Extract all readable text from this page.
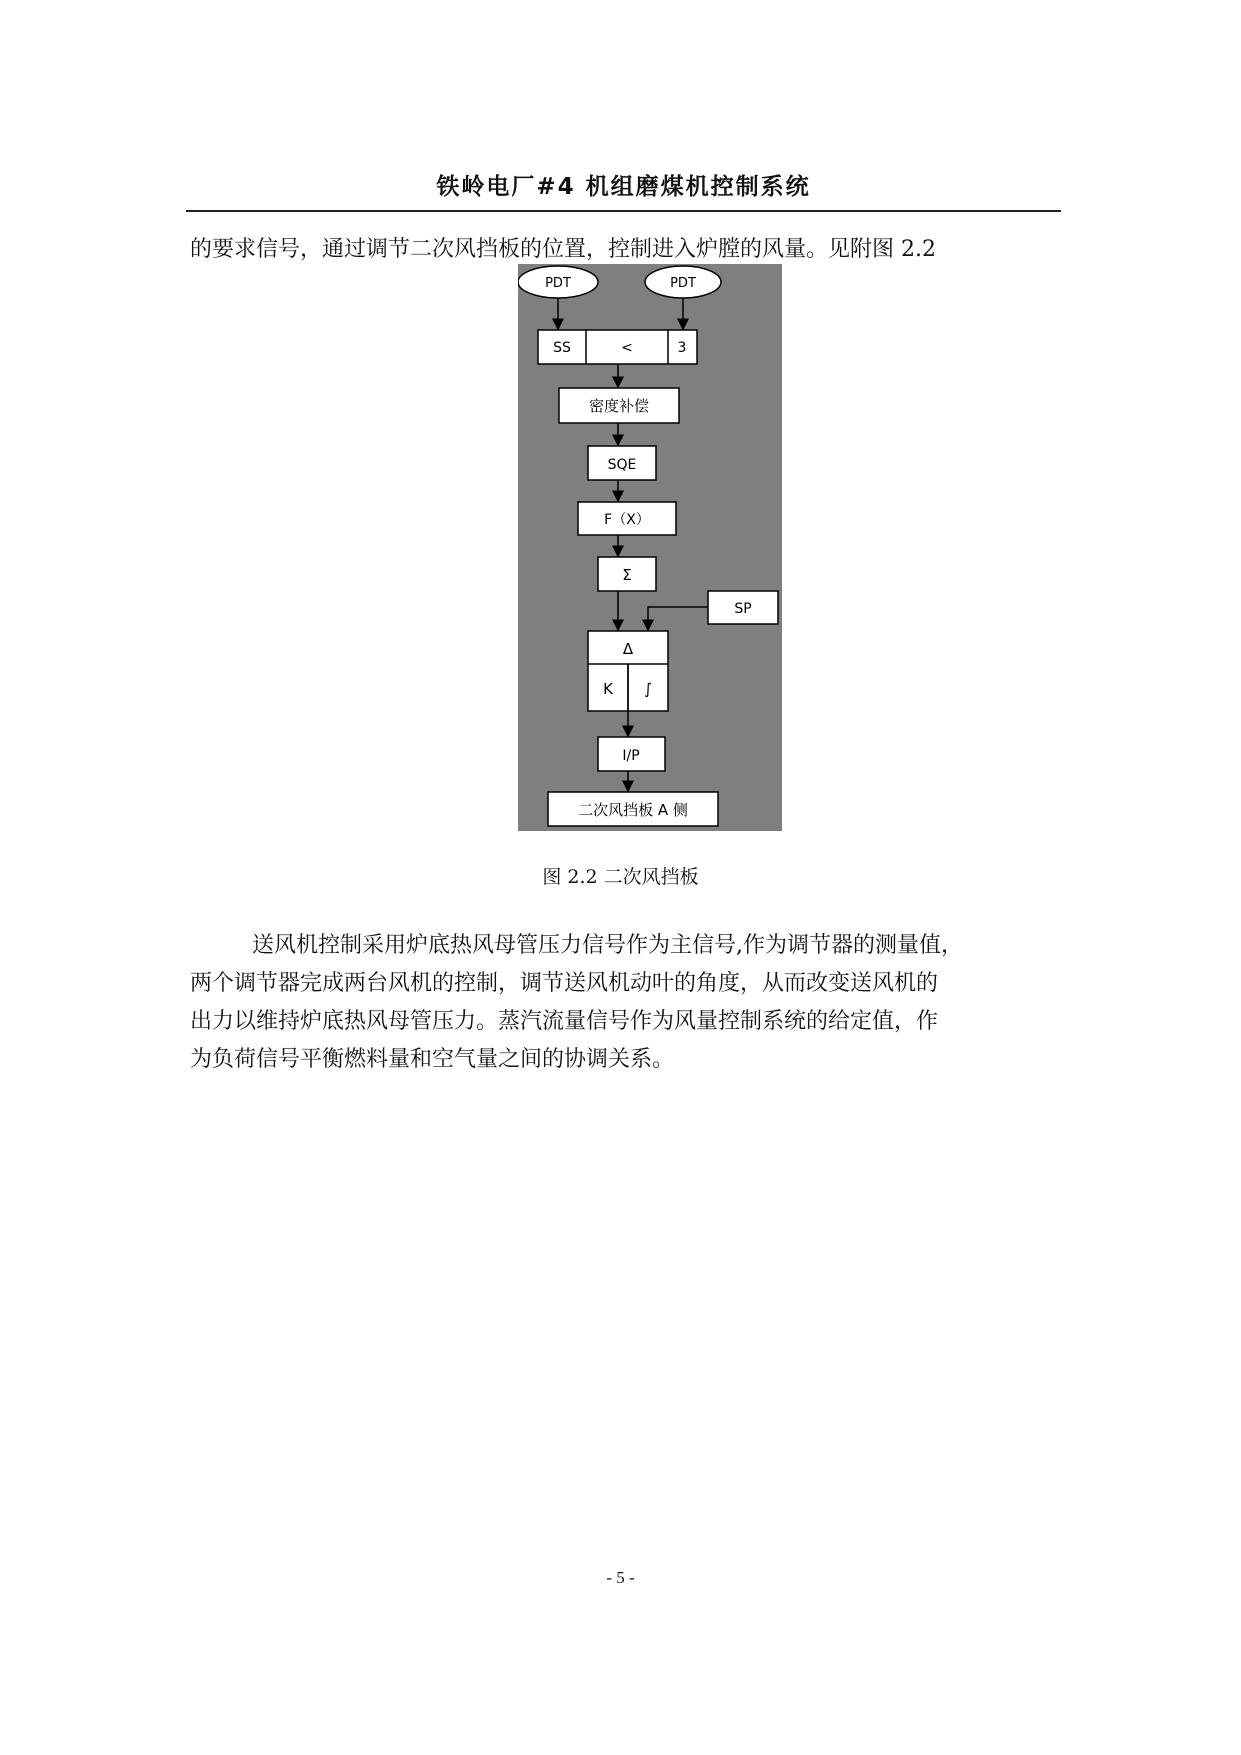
铁岭电厂#4 机组磨煤机控制系统
的要求信号，通过调节二次风挡板的位置，控制进入炉膛的风量。见附图 2.2
PDT	PDT
SS	<	3
密度补偿
SQE
F（X）
Σ
SP
Δ
K ∫
I/P
二次风挡板 A 侧
图 2.2 二次风挡板
送风机控制采用炉底热风母管压力信号作为主信号,作为调节器的测量值，
两个调节器完成两台风机的控制，调节送风机动叶的角度，从而改变送风机的
出力以维持炉底热风母管压力。蒸汽流量信号作为风量控制系统的给定值，作
为负荷信号平衡燃料量和空气量之间的协调关系。
- 5 -
